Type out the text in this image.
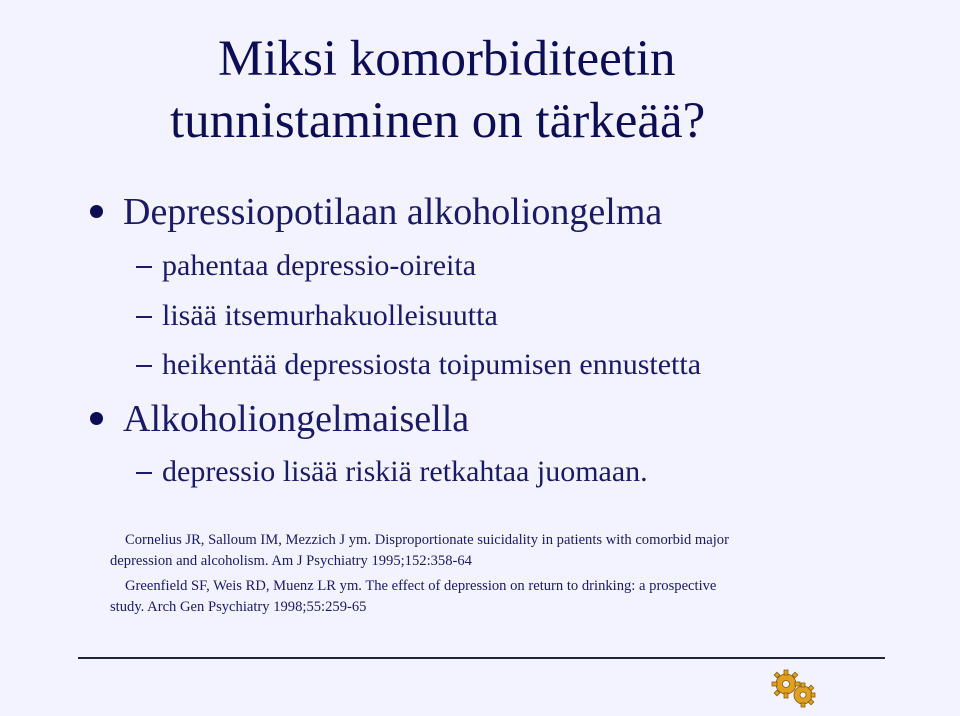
Miksi komorbiditeetin
tunnistaminen on tärkeää?
Depressiopotilaan alkoholiongelma
pahentaa depressio-oireita
lisää itsemurhakuolleisuutta
heikentää depressiosta toipumisen ennustetta
Alkoholiongelmaisella
depressio lisää riskiä retkahtaa juomaan.
Cornelius JR, Salloum IM, Mezzich J ym. Disproportionate suicidality in patients with comorbid major
depression and alcoholism. Am J Psychiatry 1995;152:358-64
Greenfield SF, Weis RD, Muenz LR ym. The effect of depression on return to drinking: a prospective
study. Arch Gen Psychiatry 1998;55:259-65
